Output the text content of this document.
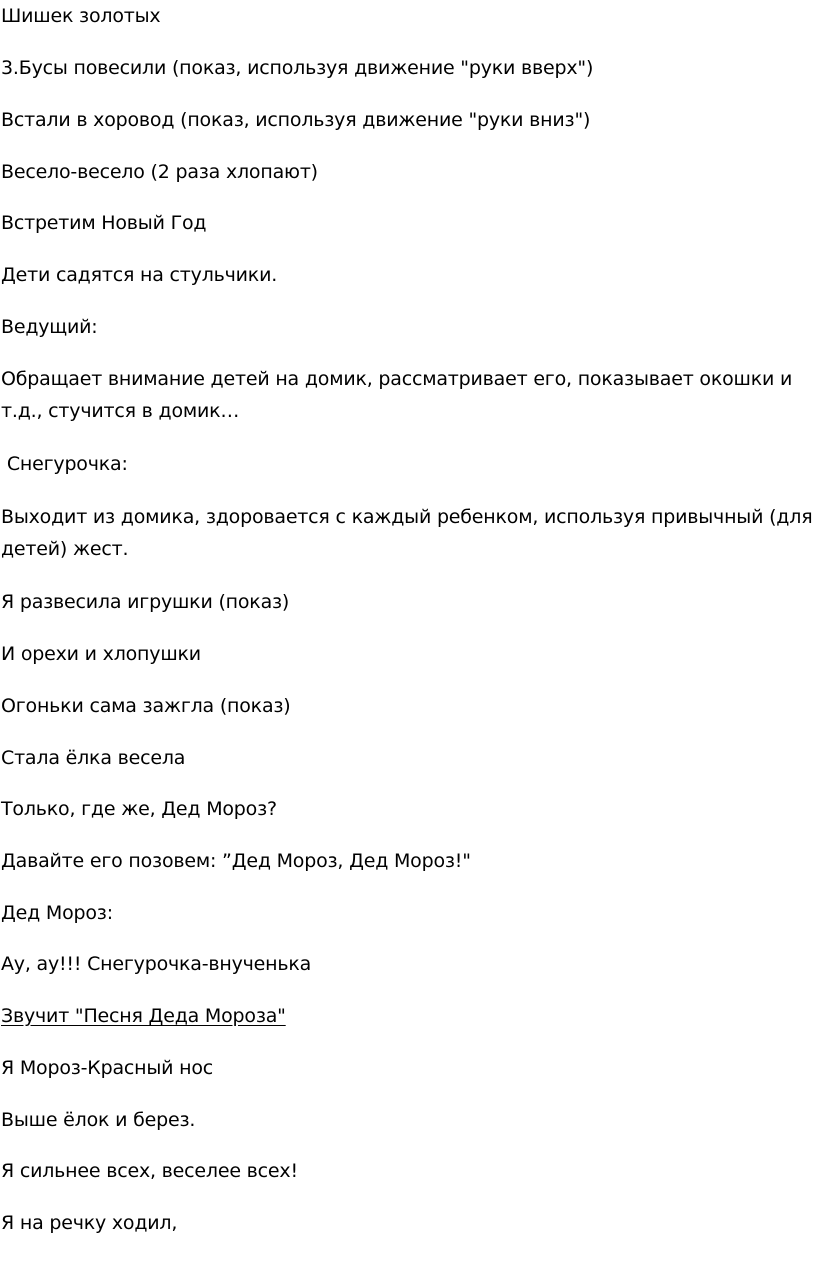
Шишек золотых
3.Бусы повесили (показ, используя движение "руки вверх")
Встали в хоровод (показ, используя движение "руки вниз")
Весело-весело (2 раза хлопают)
Встретим Новый Год
Дети садятся на стульчики.
Ведущий:
Обращает внимание детей на домик, рассматривает его, показывает окошки и т.д., стучится в домик…
Снегурочка:
Выходит из домика, здоровается с каждый ребенком, используя привычный (для детей) жест.
Я развесила игрушки (показ)
И орехи и хлопушки
Огоньки сама зажгла (показ)
Стала ёлка весела
Только, где же, Дед Мороз?
Давайте его позовем: ”Дед Мороз, Дед Мороз!"
Дед Мороз:
Ау, ау!!! Снегурочка-внученька
Звучит "Песня Деда Мороза"
Я Мороз-Красный нос
Выше ёлок и берез.
Я сильнее всех, веселее всех!
Я на речку ходил,
